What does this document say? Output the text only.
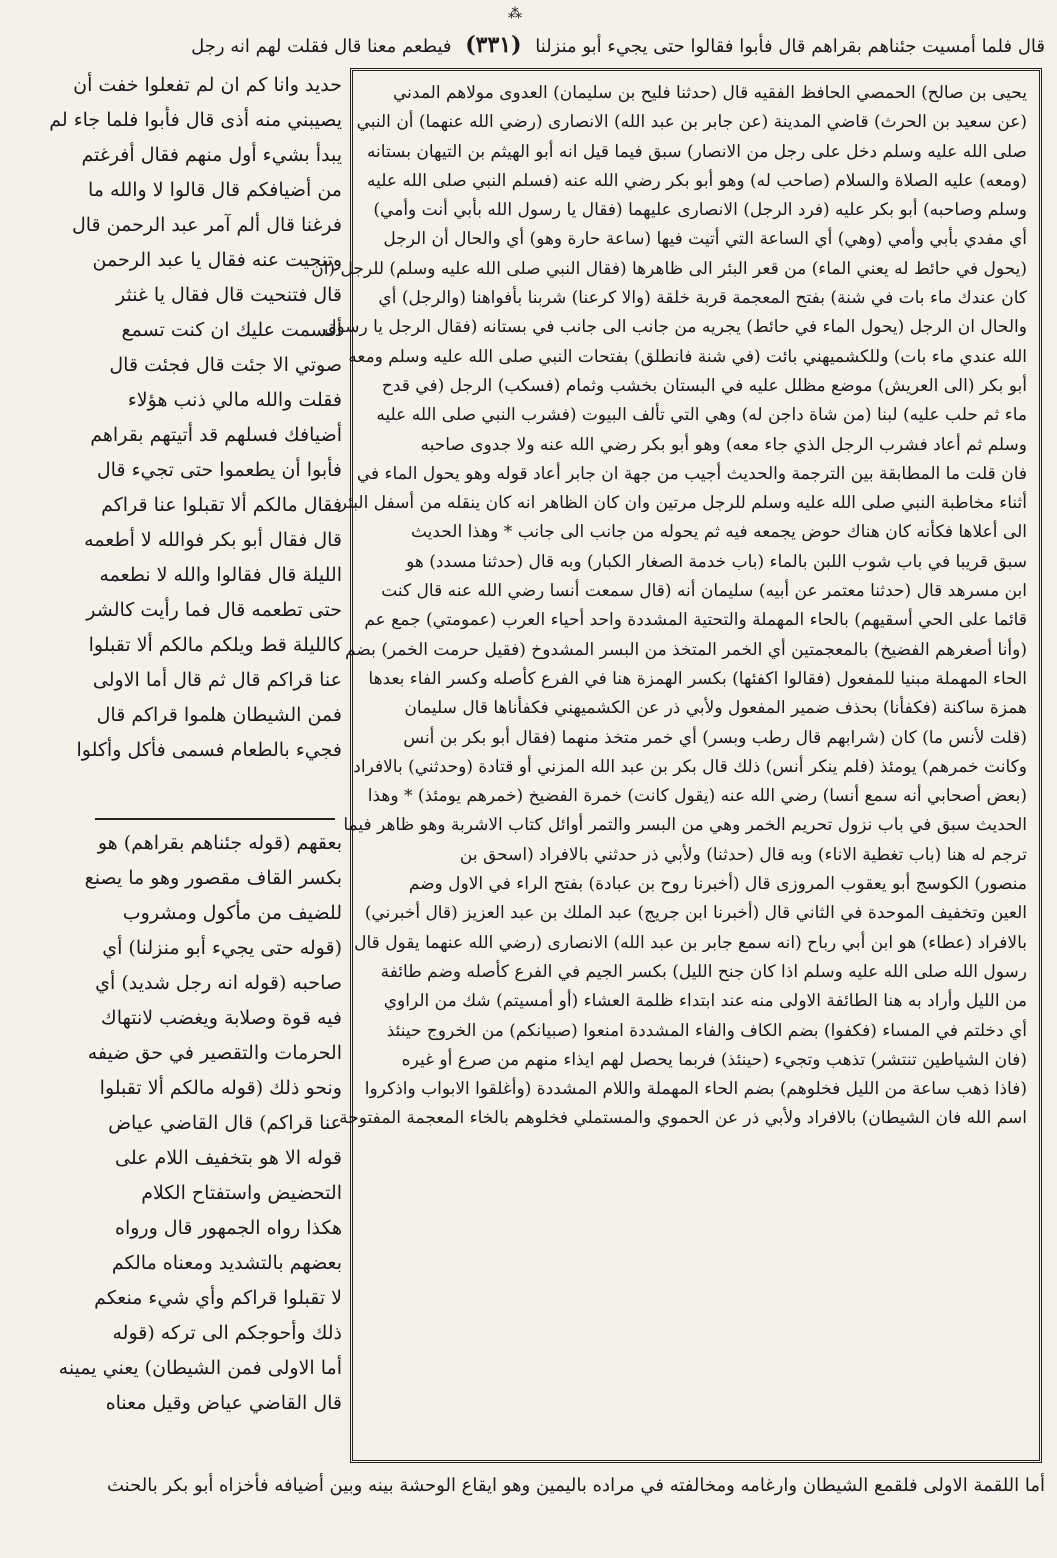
⁂
قال فلما أمسيت جئناهم بقراهم قال فأبوا فقالوا حتى يجيء أبو منزلنا (٣٣١) فيطعم معنا قال فقلت لهم انه رجل

يحيى بن صالح) الحمصي الحافظ الفقيه قال (حدثنا فليح بن سليمان) العدوى مولاهم المدني

(عن سعيد بن الحرث) قاضي المدينة (عن جابر بن عبد الله) الانصارى (رضي الله عنهما) أن النبي

صلى الله عليه وسلم دخل على رجل من الانصار) سبق فيما قيل انه أبو الهيثم بن التيهان بستانه

(ومعه) عليه الصلاة والسلام (صاحب له) وهو أبو بكر رضي الله عنه (فسلم النبي صلى الله عليه

وسلم وصاحبه) أبو بكر عليه (فرد الرجل) الانصارى عليهما (فقال يا رسول الله بأبي أنت وأمي)

أي مفدي بأبي وأمي (وهي) أي الساعة التي أتيت فيها (ساعة حارة وهو) أي والحال أن الرجل

(يحول في حائط له يعني الماء) من قعر البئر الى ظاهرها (فقال النبي صلى الله عليه وسلم) للرجل (ان

كان عندك ماء بات في شنة) بفتح المعجمة قربة خلقة (والا كرعنا) شربنا بأفواهنا (والرجل) أي

والحال ان الرجل (يحول الماء في حائط) يجريه من جانب الى جانب في بستانه (فقال الرجل يا رسول

الله عندي ماء بات) وللكشميهني بائت (في شنة فانطلق) بفتحات النبي صلى الله عليه وسلم ومعه

أبو بكر (الى العريش) موضع مظلل عليه في البستان بخشب وثمام (فسكب) الرجل (في قدح

ماء ثم حلب عليه) لبنا (من شاة داجن له) وهي التي تألف البيوت (فشرب النبي صلى الله عليه

وسلم ثم أعاد فشرب الرجل الذي جاء معه) وهو أبو بكر رضي الله عنه ولا جدوى صاحبه

فان قلت ما المطابقة بين الترجمة والحديث أجيب من جهة ان جابر أعاد قوله وهو يحول الماء في

أثناء مخاطبة النبي صلى الله عليه وسلم للرجل مرتين وان كان الظاهر انه كان ينقله من أسفل البئر

الى أعلاها فكأنه كان هناك حوض يجمعه فيه ثم يحوله من جانب الى جانب * وهذا الحديث

سبق قريبا في باب شوب اللبن بالماء (باب خدمة الصغار الكبار) وبه قال (حدثنا مسدد) هو

ابن مسرهد قال (حدثنا معتمر عن أبيه) سليمان أنه (قال سمعت أنسا رضي الله عنه قال كنت

قائما على الحي أسقيهم) بالحاء المهملة والتحتية المشددة واحد أحياء العرب (عمومتي) جمع عم

(وأنا أصغرهم الفضيخ) بالمعجمتين أي الخمر المتخذ من البسر المشدوخ (فقيل حرمت الخمر) بضم

الحاء المهملة مبنيا للمفعول (فقالوا اكفئها) بكسر الهمزة هنا في الفرع كأصله وكسر الفاء بعدها

همزة ساكنة (فكفأنا) بحذف ضمير المفعول ولأبي ذر عن الكشميهني فكفأناها قال سليمان

(قلت لأنس ما) كان (شرابهم قال رطب وبسر) أي خمر متخذ منهما (فقال أبو بكر بن أنس

وكانت خمرهم) يومئذ (فلم ينكر أنس) ذلك قال بكر بن عبد الله المزني أو قتادة (وحدثني) بالافراد

(بعض أصحابي أنه سمع أنسا) رضي الله عنه (يقول كانت) خمرة الفضيخ (خمرهم يومئذ) * وهذا

الحديث سبق في باب نزول تحريم الخمر وهي من البسر والتمر أوائل كتاب الاشربة وهو ظاهر فيما

ترجم له هنا (باب تغطية الاناء) وبه قال (حدثنا) ولأبي ذر حدثني بالافراد (اسحق بن

منصور) الكوسج أبو يعقوب المروزى قال (أخبرنا روح بن عبادة) بفتح الراء في الاول وضم

العين وتخفيف الموحدة في الثاني قال (أخبرنا ابن جريج) عبد الملك بن عبد العزيز (قال أخبرني)

بالافراد (عطاء) هو ابن أبي رباح (انه سمع جابر بن عبد الله) الانصارى (رضي الله عنهما يقول قال

رسول الله صلى الله عليه وسلم اذا كان جنح الليل) بكسر الجيم في الفرع كأصله وضم طائفة

من الليل وأراد به هنا الطائفة الاولى منه عند ابتداء ظلمة العشاء (أو أمسيتم) شك من الراوي

أي دخلتم في المساء (فكفوا) بضم الكاف والفاء المشددة امنعوا (صبيانكم) من الخروج حينئذ

(فان الشياطين تنتشر) تذهب وتجيء (حينئذ) فربما يحصل لهم ايذاء منهم من صرع أو غيره

(فاذا ذهب ساعة من الليل فخلوهم) بضم الحاء المهملة واللام المشددة (وأغلقوا الابواب واذكروا

اسم الله فان الشيطان) بالافراد ولأبي ذر عن الحموي والمستملي فخلوهم بالخاء المعجمة المفتوحة

حديد وانا كم ان لم تفعلوا خفت أن

يصيبني منه أذى قال فأبوا فلما جاء لم

يبدأ بشيء أول منهم فقال أفرغتم

من أضيافكم قال قالوا لا والله ما

فرغنا قال ألم آمر عبد الرحمن قال

وتنحيت عنه فقال يا عبد الرحمن

قال فتنحيت قال فقال يا غنثر

أقسمت عليك ان كنت تسمع

صوتي الا جئت قال فجئت قال

فقلت والله مالي ذنب هؤلاء

أضيافك فسلهم قد أتيتهم بقراهم

فأبوا أن يطعموا حتى تجيء قال

فقال مالكم ألا تقبلوا عنا قراكم

قال فقال أبو بكر فوالله لا أطعمه

الليلة قال فقالوا والله لا نطعمه

حتى تطعمه قال فما رأيت كالشر

كالليلة قط ويلكم مالكم ألا تقبلوا

عنا قراكم قال ثم قال أما الاولى

فمن الشيطان هلموا قراكم قال

فجيء بالطعام فسمى فأكل وأكلوا

بعقهم (قوله جئناهم بقراهم) هو

بكسر القاف مقصور وهو ما يصنع

للضيف من مأكول ومشروب

(قوله حتى يجيء أبو منزلنا) أي

صاحبه (قوله انه رجل شديد) أي

فيه قوة وصلابة ويغضب لانتهاك

الحرمات والتقصير في حق ضيفه

ونحو ذلك (قوله مالكم ألا تقبلوا

عنا قراكم) قال القاضي عياض

قوله الا هو بتخفيف اللام على

التحضيض واستفتاح الكلام

هكذا رواه الجمهور قال ورواه

بعضهم بالتشديد ومعناه مالكم

لا تقبلوا قراكم وأي شيء منعكم

ذلك وأحوجكم الى تركه (قوله

أما الاولى فمن الشيطان) يعني يمينه

قال القاضي عياض وقيل معناه

أما اللقمة الاولى فلقمع الشيطان وارغامه ومخالفته في مراده باليمين وهو ايقاع الوحشة بينه وبين أضيافه فأخزاه أبو بكر بالحنث
